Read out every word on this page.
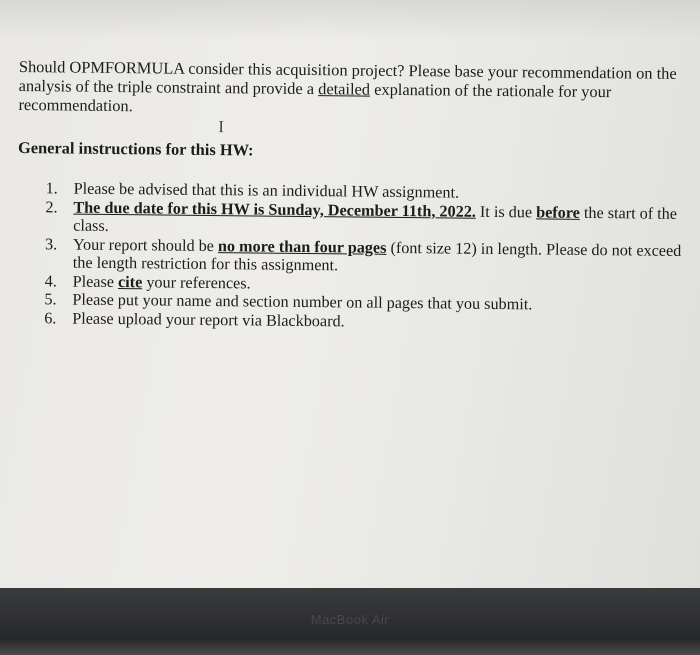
Should OPMFORMULA consider this acquisition project? Please base your recommendation on the analysis of the triple constraint and provide a detailed explanation of the rationale for your recommendation.

I

General instructions for this HW:

1. Please be advised that this is an individual HW assignment.
2. The due date for this HW is Sunday, December 11th, 2022. It is due before the start of the class.
3. Your report should be no more than four pages (font size 12) in length. Please do not exceed the length restriction for this assignment.
4. Please cite your references.
5. Please put your name and section number on all pages that you submit.
6. Please upload your report via Blackboard.
MacBook Air
